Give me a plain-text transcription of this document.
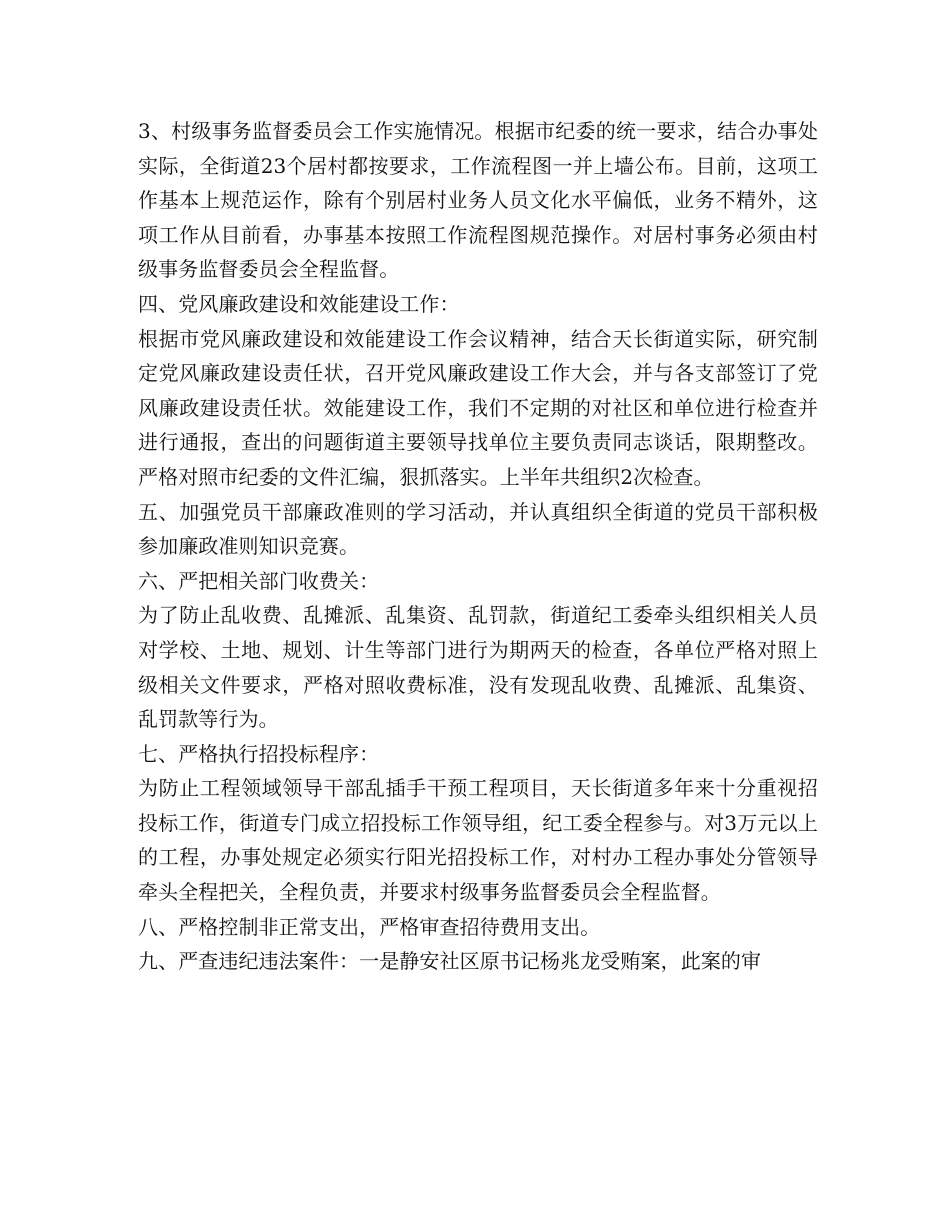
3、村级事务监督委员会工作实施情况。根据市纪委的统一要求，结合办事处实际，全街道23个居村都按要求，工作流程图一并上墙公布。目前，这项工作基本上规范运作，除有个别居村业务人员文化水平偏低，业务不精外，这项工作从目前看，办事基本按照工作流程图规范操作。对居村事务必须由村级事务监督委员会全程监督。

四、党风廉政建设和效能建设工作：

根据市党风廉政建设和效能建设工作会议精神，结合天长街道实际，研究制定党风廉政建设责任状，召开党风廉政建设工作大会，并与各支部签订了党风廉政建设责任状。效能建设工作，我们不定期的对社区和单位进行检查并进行通报，查出的问题街道主要领导找单位主要负责同志谈话，限期整改。严格对照市纪委的文件汇编，狠抓落实。上半年共组织2次检查。

五、加强党员干部廉政准则的学习活动，并认真组织全街道的党员干部积极参加廉政准则知识竞赛。

六、严把相关部门收费关：

为了防止乱收费、乱摊派、乱集资、乱罚款，街道纪工委牵头组织相关人员对学校、土地、规划、计生等部门进行为期两天的检查，各单位严格对照上级相关文件要求，严格对照收费标准，没有发现乱收费、乱摊派、乱集资、乱罚款等行为。

七、严格执行招投标程序：

为防止工程领域领导干部乱插手干预工程项目，天长街道多年来十分重视招投标工作，街道专门成立招投标工作领导组，纪工委全程参与。对3万元以上的工程，办事处规定必须实行阳光招投标工作，对村办工程办事处分管领导牵头全程把关，全程负责，并要求村级事务监督委员会全程监督。

八、严格控制非正常支出，严格审查招待费用支出。

九、严查违纪违法案件：一是静安社区原书记杨兆龙受贿案，此案的审
